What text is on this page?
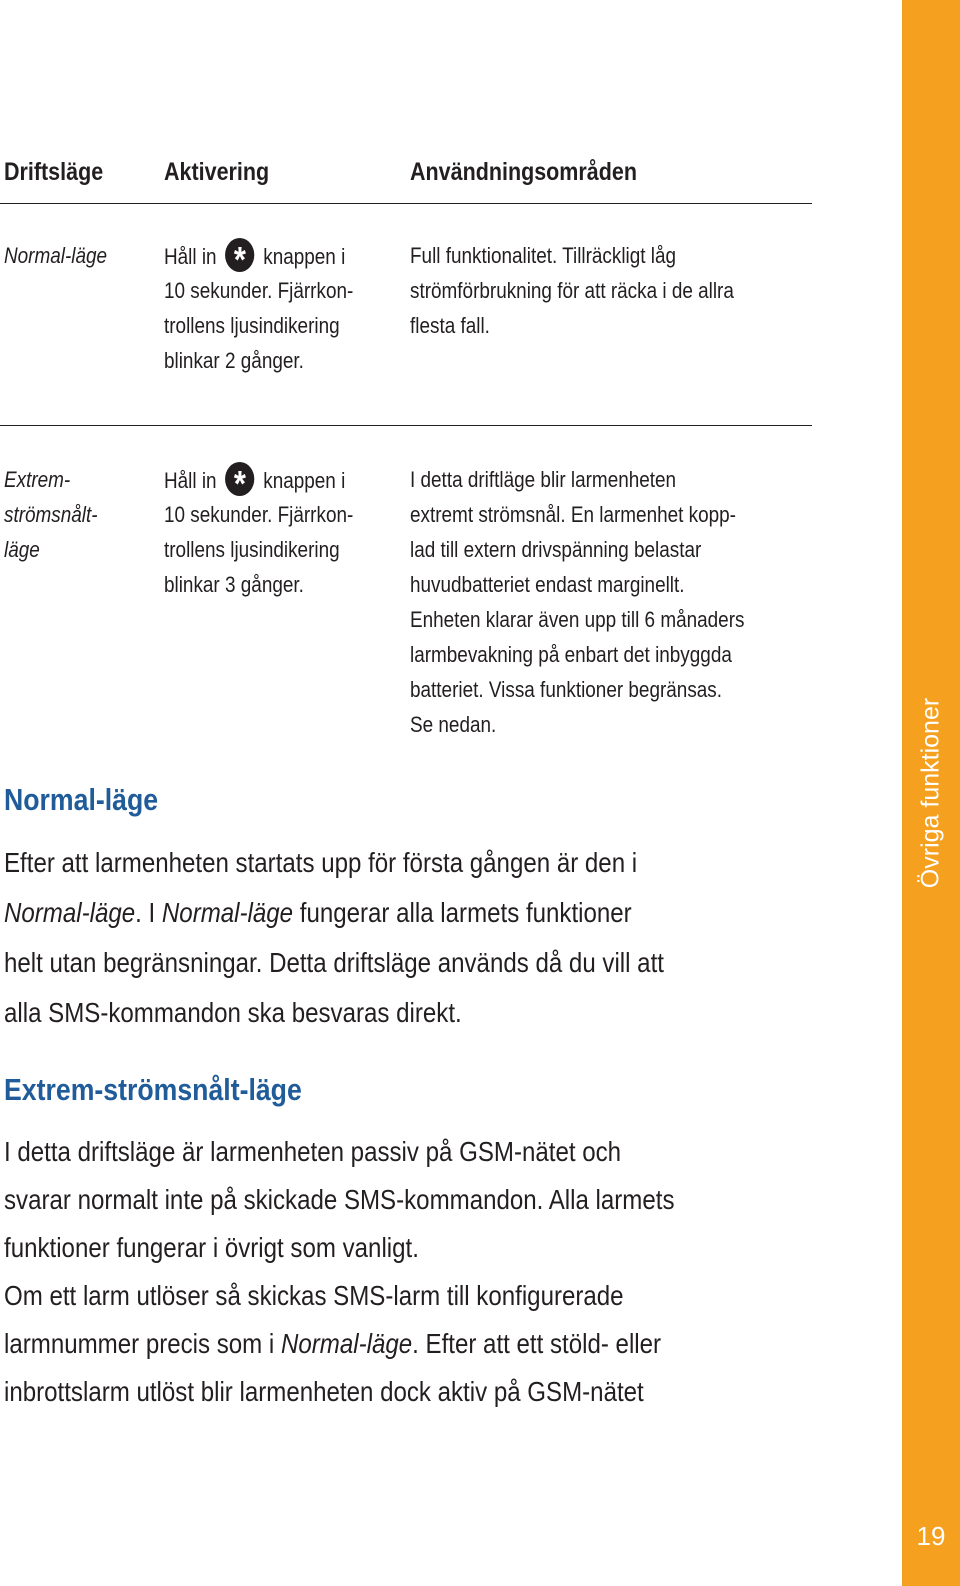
Driftsläge Aktivering	Användningsområden
Normal-läge	Håll in * knappen i
10 sekunder. Fjärrkon-
trollens ljusindikering
blinkar 2 gånger.
Full funktionalitet. Tillräckligt låg
strömförbrukning för att räcka i de allra
flesta fall.
Extrem-
strömsnålt-
läge
Håll in * knappen i
10 sekunder. Fjärrkon-
trollens ljusindikering
blinkar 3 gånger.
I detta driftläge blir larmenheten
extremt strömsnål. En larmenhet kopp-
lad till extern drivspänning belastar
huvudbatteriet endast marginellt.
Enheten klarar även upp till 6 månaders
larmbevakning på enbart det inbyggda
batteriet. Vissa funktioner begränsas.
Se nedan.
Normal-läge
Efter att larmenheten startats upp för första gången är den i
Normal-läge. I Normal-läge fungerar alla larmets funktioner
helt utan begränsningar. Detta driftsläge används då du vill att
alla SMS-kommandon ska besvaras direkt.
Extrem-strömsnålt-läge
I detta driftsläge är larmenheten passiv på GSM-nätet och
svarar normalt inte på skickade SMS-kommandon. Alla larmets
funktioner fungerar i övrigt som vanligt.
Om ett larm utlöser så skickas SMS-larm till konfigurerade
larmnummer precis som i Normal-läge. Efter att ett stöld- eller
inbrottslarm utlöst blir larmenheten dock aktiv på GSM-nätet
Övriga funktioner
19
